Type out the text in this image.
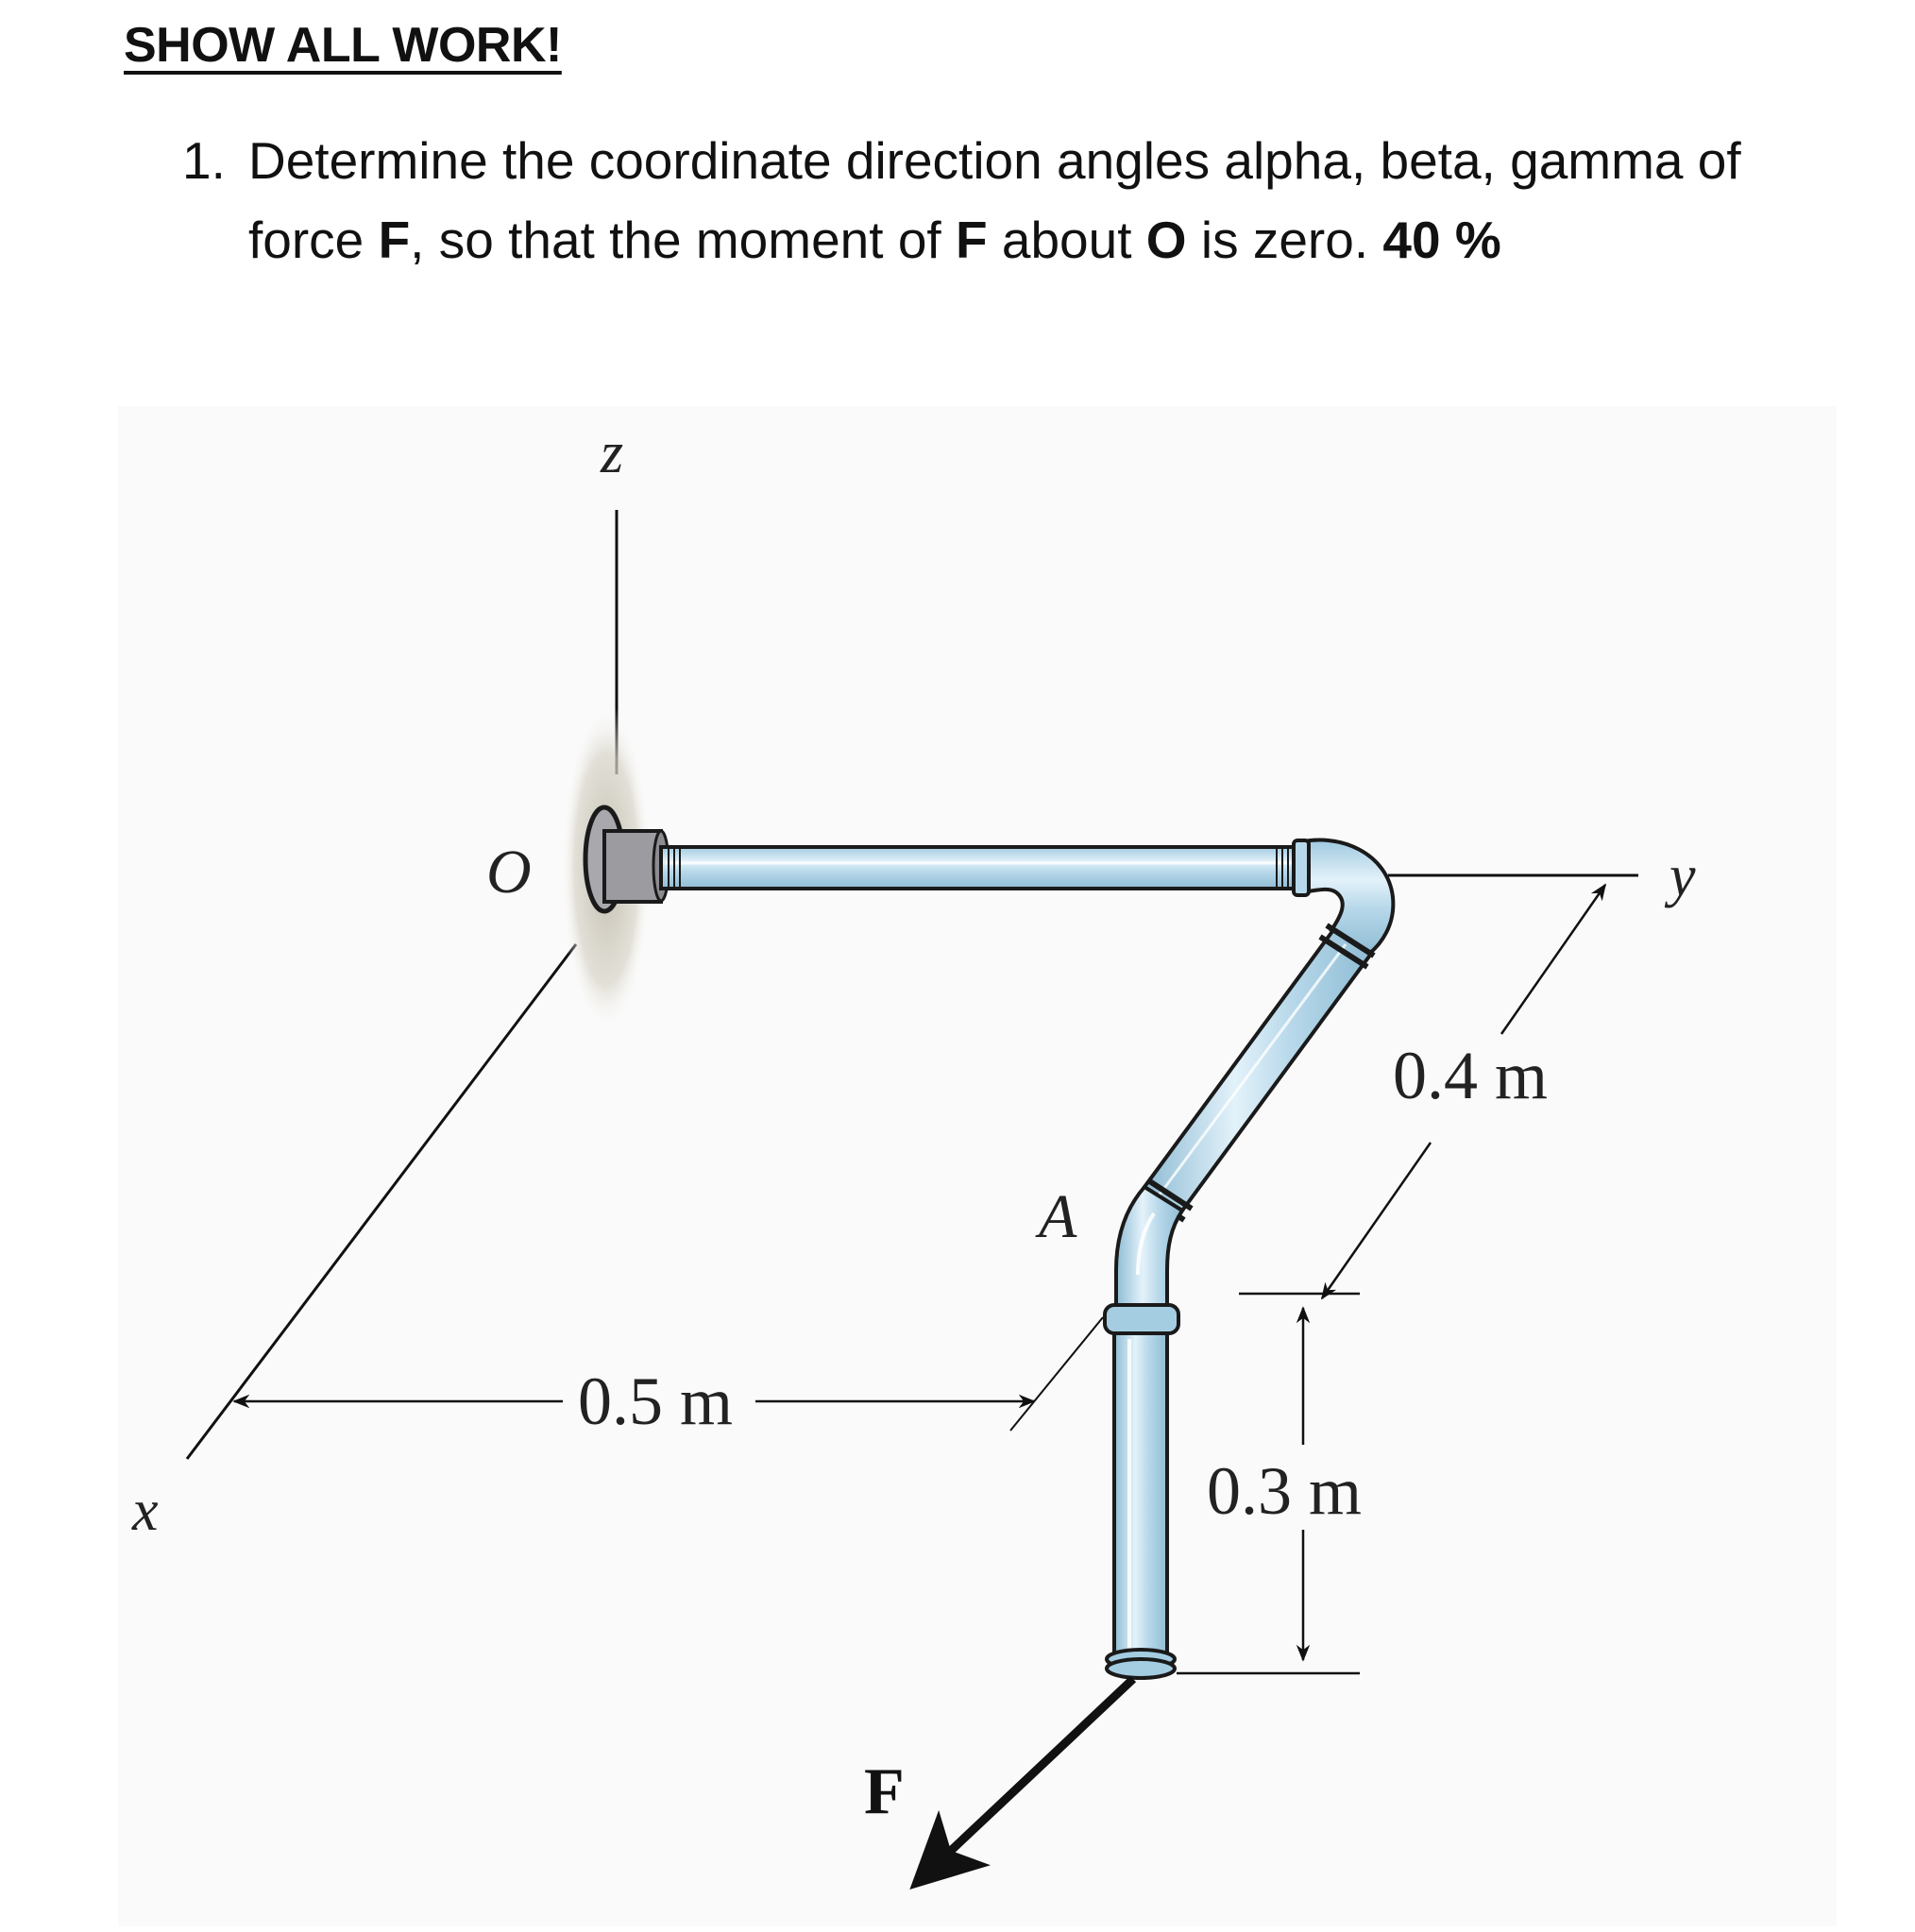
SHOW ALL WORK!
1. Determine the coordinate direction angles alpha, beta, gamma of
force F, so that the moment of F about O is zero. 40 %
z
x
y
O
A
F
0.5 m
0.4 m
0.3 m
